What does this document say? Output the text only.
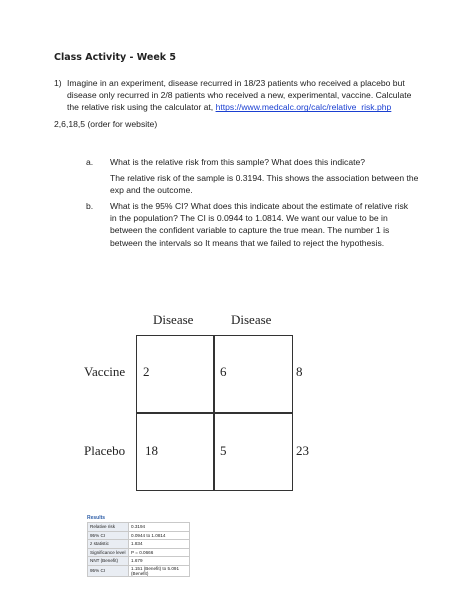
Class Activity - Week 5
1) Imagine in an experiment, disease recurred in 18/23 patients who received a placebo but disease only recurred in 2/8 patients who received a new, experimental, vaccine. Calculate the relative risk using the calculator at, https://www.medcalc.org/calc/relative_risk.php
2,6,18,5 (order for website)
a. What is the relative risk from this sample? What does this indicate?
The relative risk of the sample is 0.3194. This shows the association between the exp and the outcome.
b. What is the 95% CI? What does this indicate about the estimate of relative risk in the population? The CI is 0.0944 to 1.0814. We want our value to be in between the confident variable to capture the true mean. The number 1 is between the intervals so It means that we failed to reject the hypothesis.
Disease	Disease
Vaccine 2	6	8
Placebo 18	5	23
Results
Relative risk	0.3194
95% CI	0.0944 to 1.0814
z statistic	1.834
Significance level	P = 0.0666
NNT (Benefit)	1.679
95% CI	1.151 (Benefit) to 5.091 (Benefit)
